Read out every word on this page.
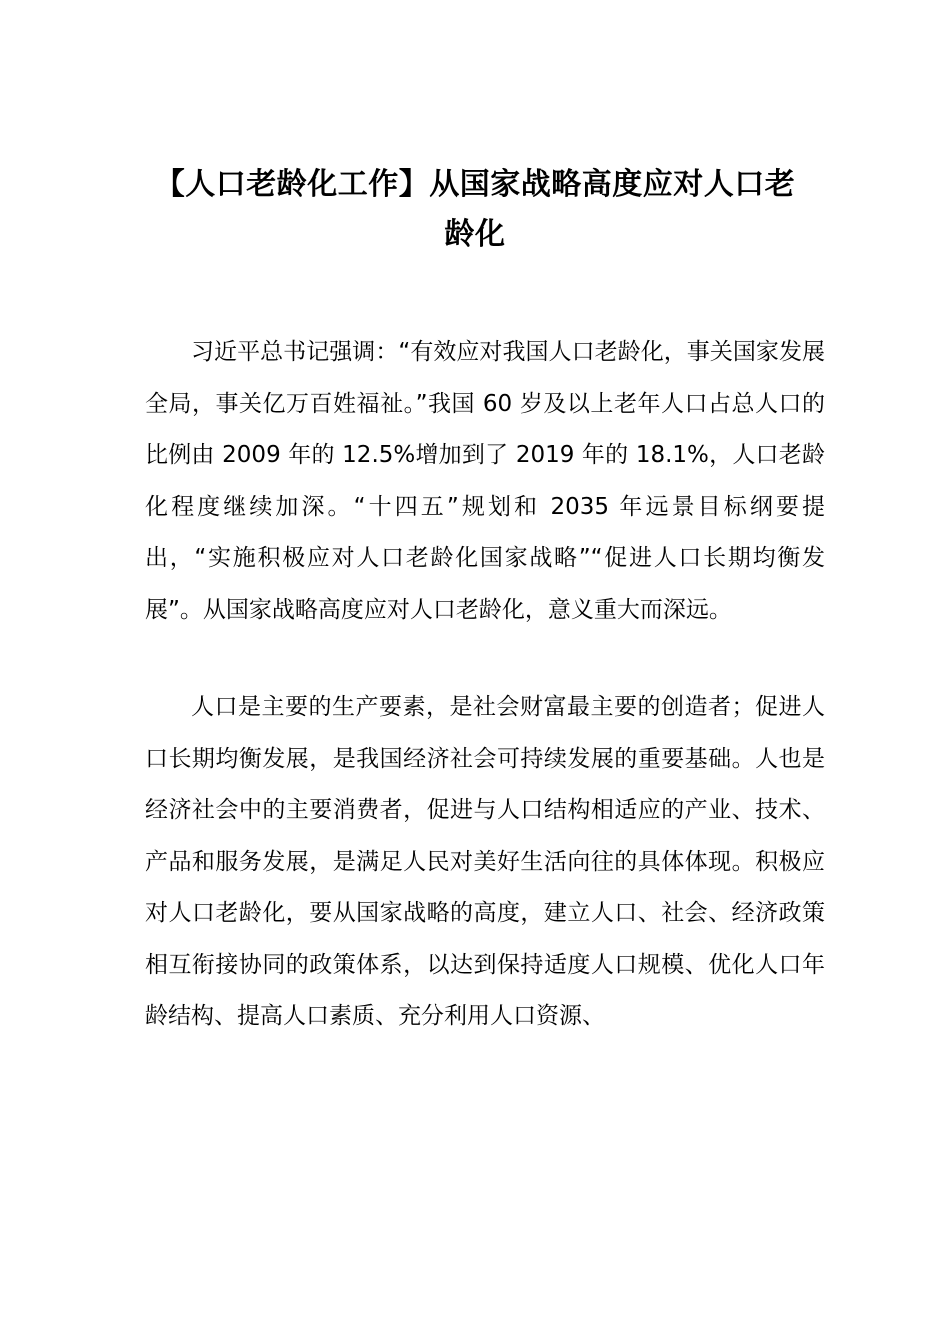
【人口老龄化工作】从国家战略高度应对人口老龄化

习近平总书记强调：“有效应对我国人口老龄化，事关国家发展全局，事关亿万百姓福祉。”我国 60 岁及以上老年人口占总人口的比例由 2009 年的 12.5%增加到了 2019 年的 18.1%，人口老龄化程度继续加深。“十四五”规划和 2035 年远景目标纲要提出，“实施积极应对人口老龄化国家战略”“促进人口长期均衡发展”。从国家战略高度应对人口老龄化，意义重大而深远。

人口是主要的生产要素，是社会财富最主要的创造者；促进人口长期均衡发展，是我国经济社会可持续发展的重要基础。人也是经济社会中的主要消费者，促进与人口结构相适应的产业、技术、产品和服务发展，是满足人民对美好生活向往的具体体现。积极应对人口老龄化，要从国家战略的高度，建立人口、社会、经济政策相互衔接协同的政策体系，以达到保持适度人口规模、优化人口年龄结构、提高人口素质、充分利用人口资源、
